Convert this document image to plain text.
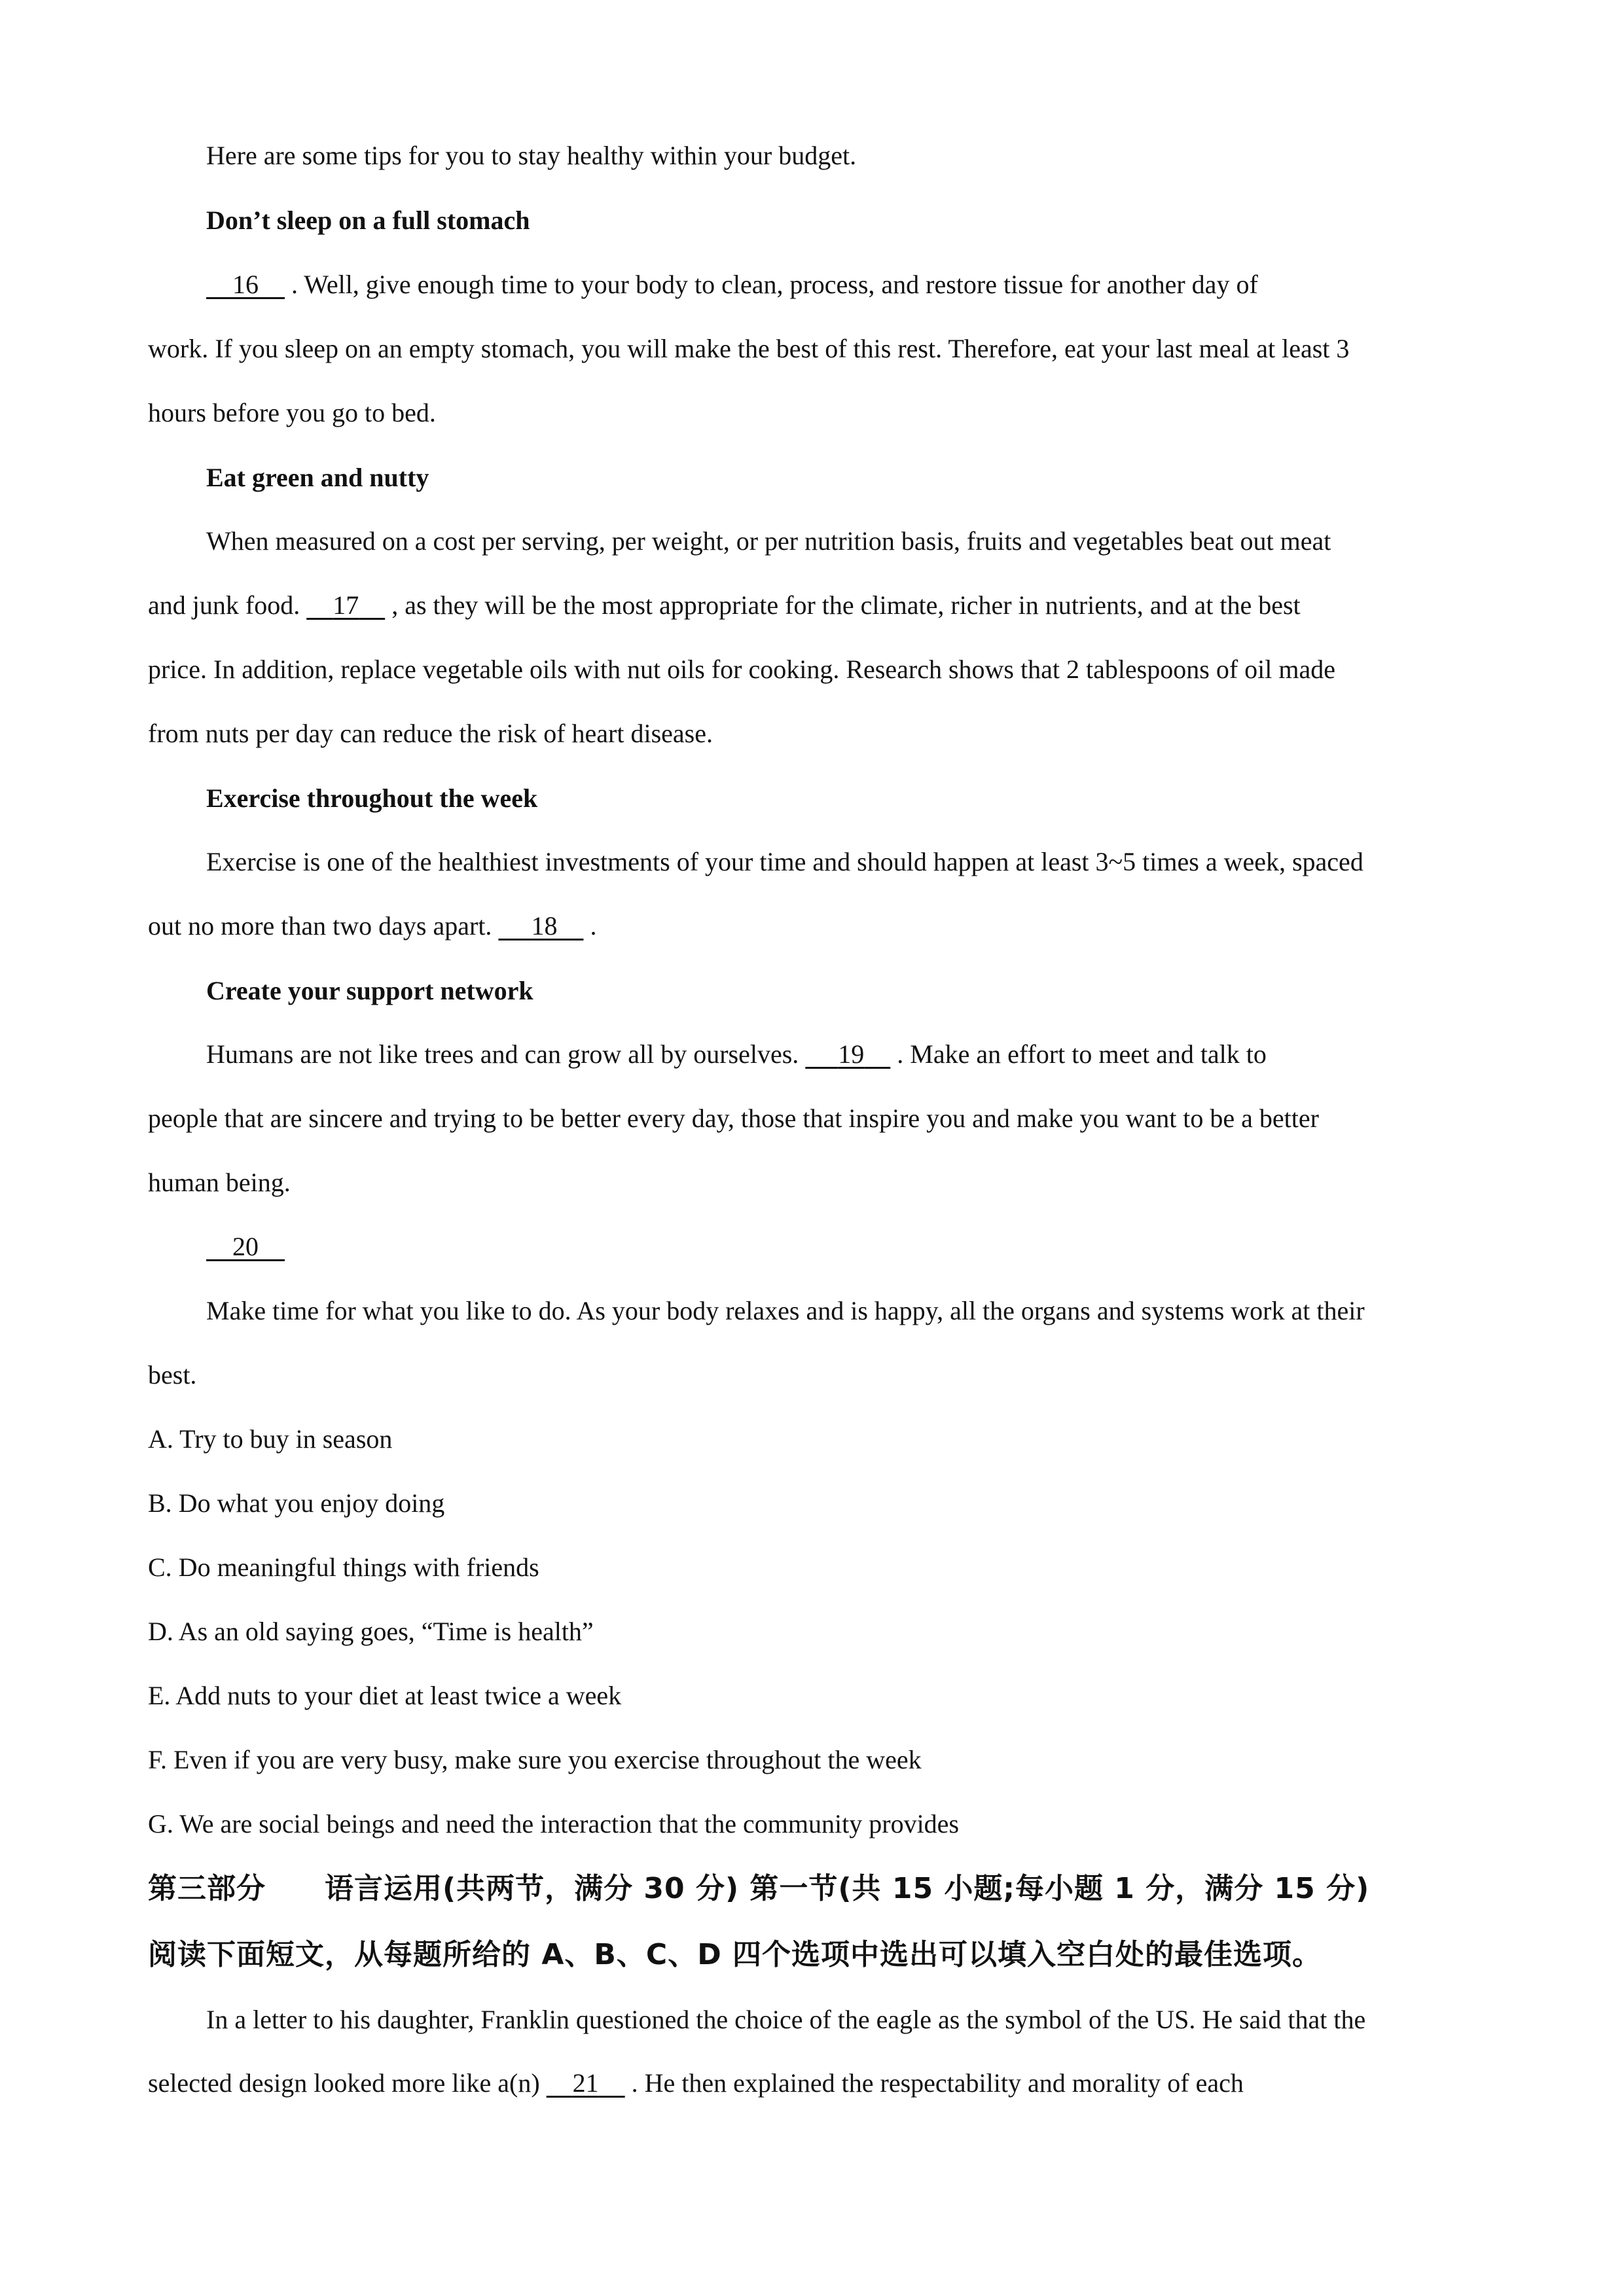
Here are some tips for you to stay healthy within your budget.
Don’t sleep on a full stomach
16     . Well, give enough time to your body to clean, process, and restore tissue for another day of
work. If you sleep on an empty stomach, you will make the best of this rest. Therefore, eat your last meal at least 3
hours before you go to bed.
Eat green and nutty
When measured on a cost per serving, per weight, or per nutrition basis, fruits and vegetables beat out meat
and junk food.     17     , as they will be the most appropriate for the climate, richer in nutrients, and at the best
price. In addition, replace vegetable oils with nut oils for cooking. Research shows that 2 tablespoons of oil made
from nuts per day can reduce the risk of heart disease.
Exercise throughout the week
Exercise is one of the healthiest investments of your time and should happen at least 3~5 times a week, spaced
out no more than two days apart.      18     .
Create your support network
Humans are not like trees and can grow all by ourselves.      19     . Make an effort to meet and talk to
people that are sincere and trying to be better every day, those that inspire you and make you want to be a better
human being.
20
Make time for what you like to do. As your body relaxes and is happy, all the organs and systems work at their
best.
A. Try to buy in season
B. Do what you enjoy doing
C. Do meaningful things with friends
D. As an old saying goes, “Time is health”
E. Add nuts to your diet at least twice a week
F. Even if you are very busy, make sure you exercise throughout the week
G. We are social beings and need the interaction that the community provides
第三部分　　语言运用(共两节，满分 30 分) 第一节(共 15 小题;每小题 1 分，满分 15 分)
阅读下面短文，从每题所给的 A、B、C、D 四个选项中选出可以填入空白处的最佳选项。
In a letter to his daughter, Franklin questioned the choice of the eagle as the symbol of the US. He said that the
selected design looked more like a(n)     21     . He then explained the respectability and morality of each
